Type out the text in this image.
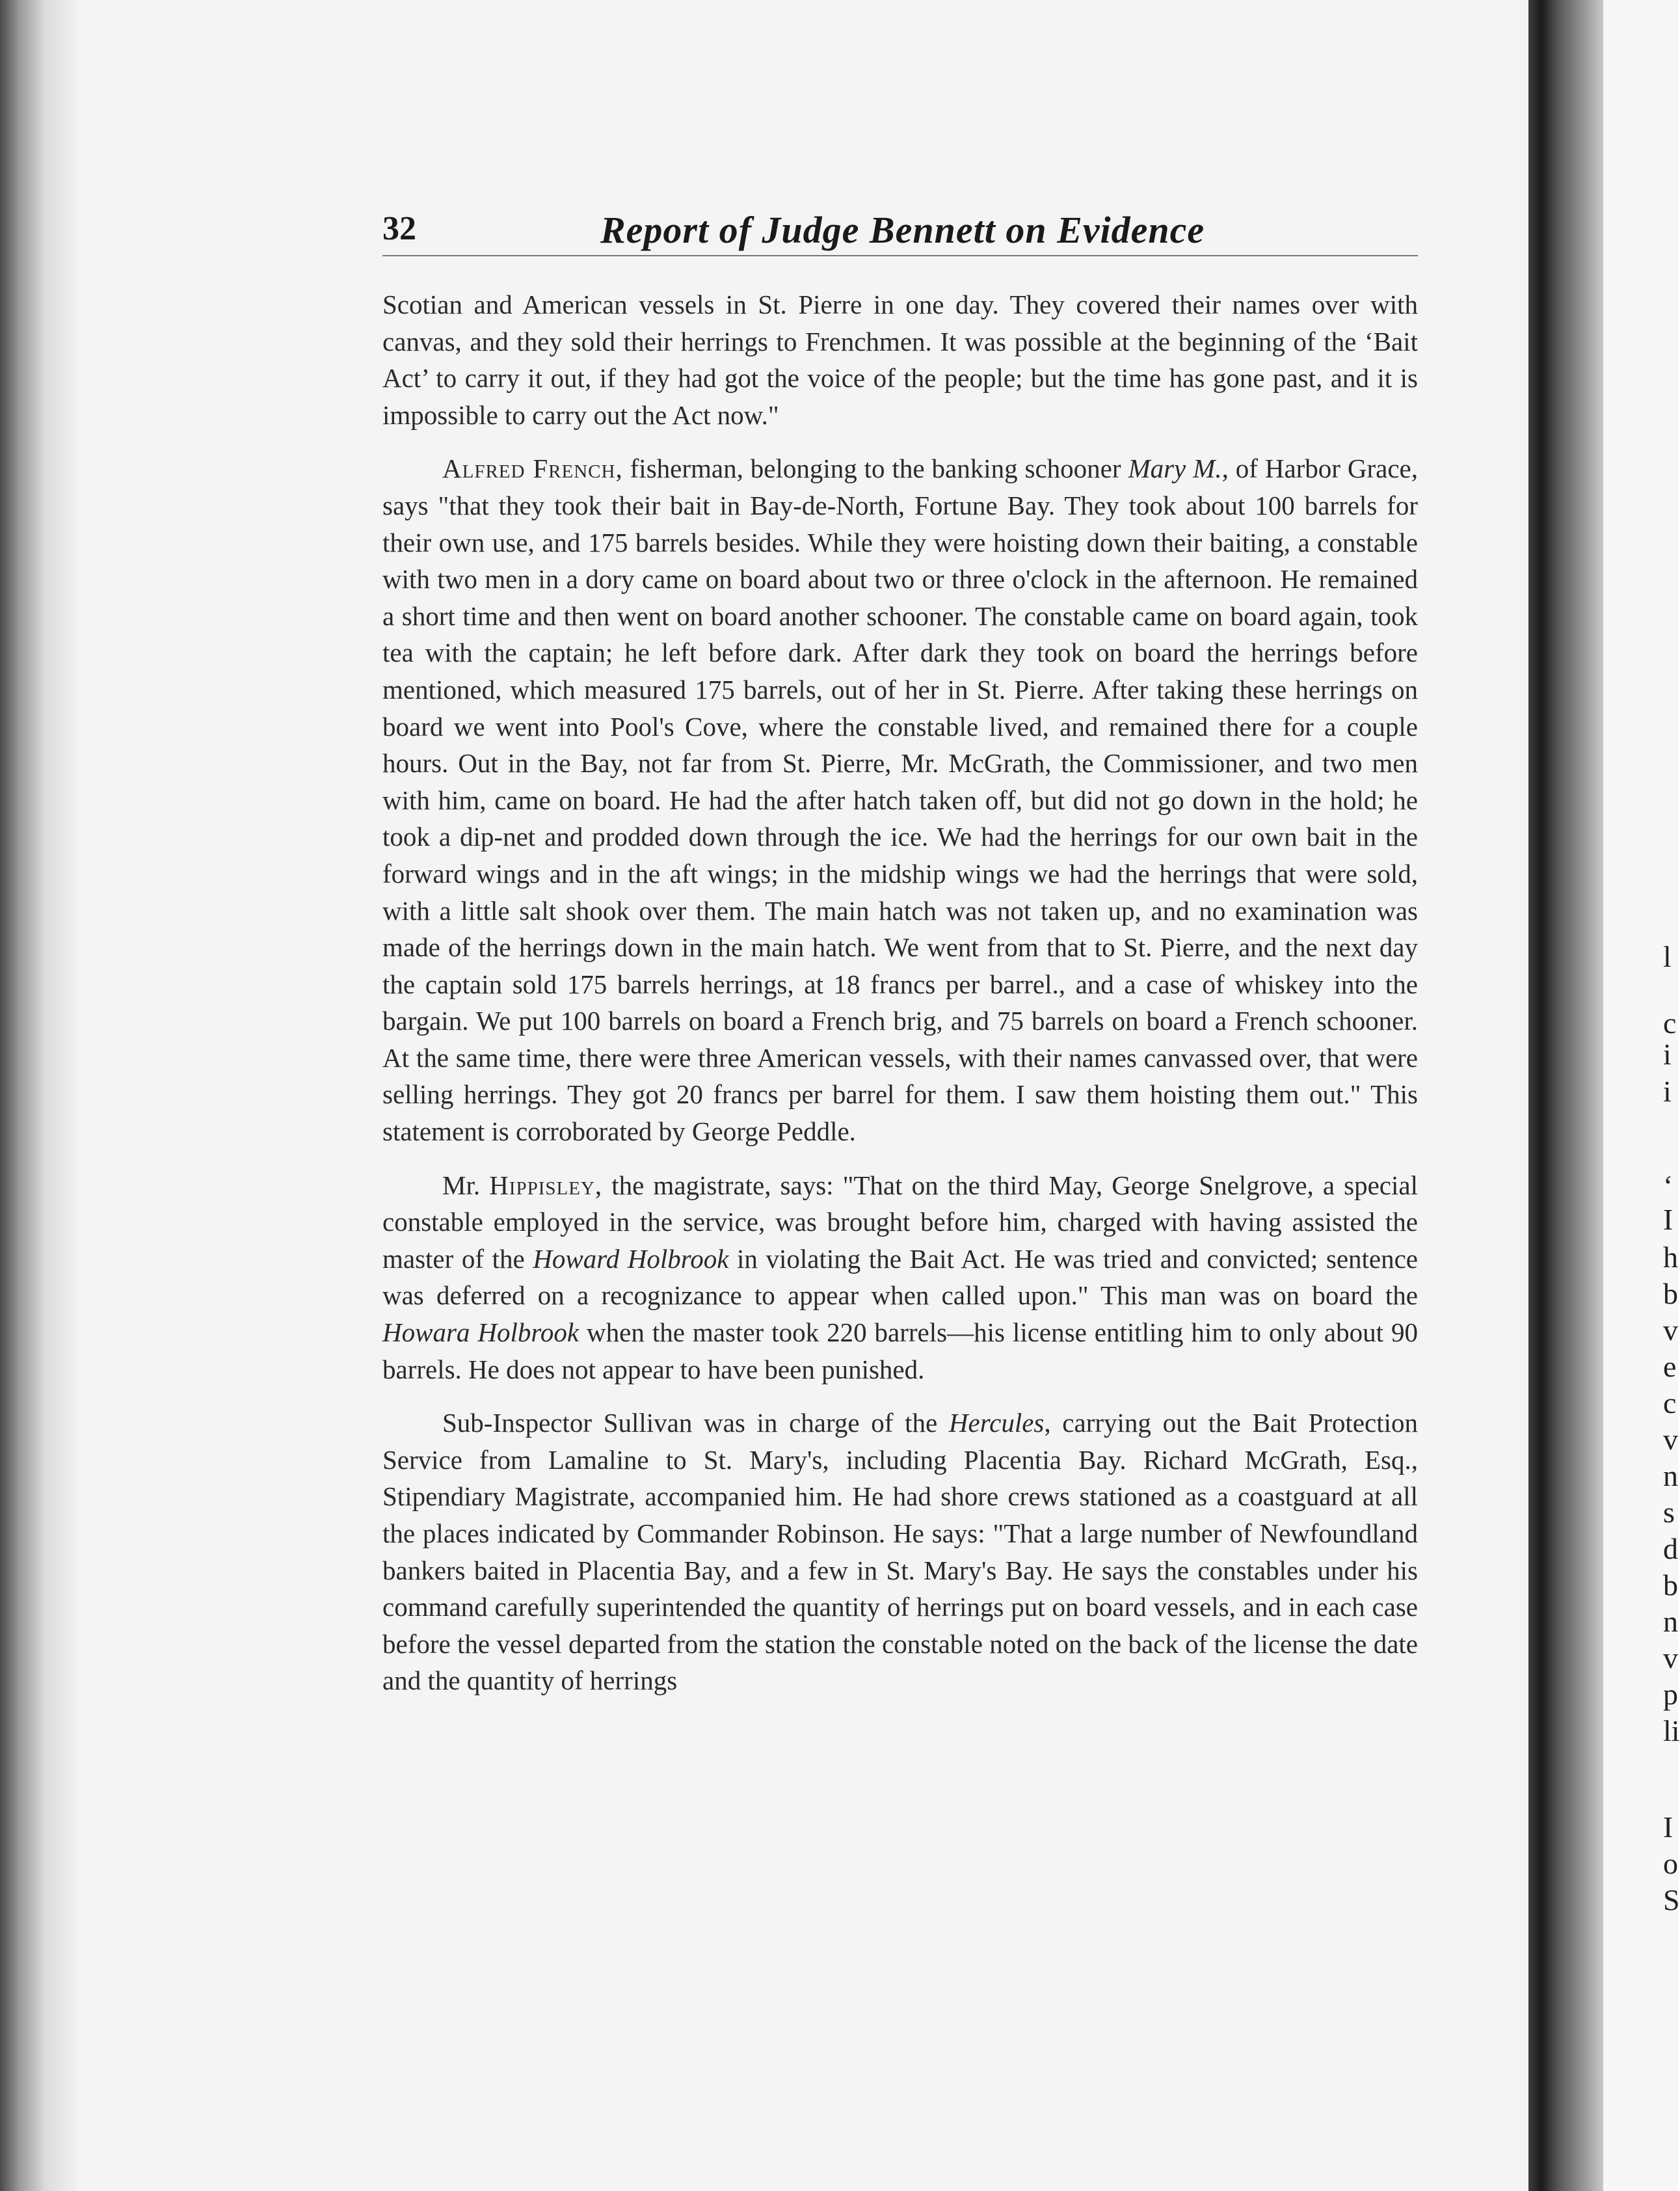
32	Report of Judge Bennett on Evidence

Scotian and American vessels in St. Pierre in one day. They covered their names over with canvas, and they sold their herrings to Frenchmen. It was possible at the beginning of the ‘Bait Act’ to carry it out, if they had got the voice of the people; but the time has gone past, and it is impossible to carry out the Act now."

Alfred French, fisherman, belonging to the banking schooner Mary M., of Harbor Grace, says "that they took their bait in Bay-de-North, Fortune Bay. They took about 100 barrels for their own use, and 175 barrels besides. While they were hoisting down their baiting, a constable with two men in a dory came on board about two or three o'clock in the afternoon. He remained a short time and then went on board another schooner. The constable came on board again, took tea with the captain; he left before dark. After dark they took on board the herrings before mentioned, which measured 175 barrels, out of her in St. Pierre. After taking these herrings on board we went into Pool's Cove, where the constable lived, and remained there for a couple hours. Out in the Bay, not far from St. Pierre, Mr. McGrath, the Commissioner, and two men with him, came on board. He had the after hatch taken off, but did not go down in the hold; he took a dip-net and prodded down through the ice. We had the herrings for our own bait in the forward wings and in the aft wings; in the midship wings we had the herrings that were sold, with a little salt shook over them. The main hatch was not taken up, and no examination was made of the herrings down in the main hatch. We went from that to St. Pierre, and the next day the captain sold 175 barrels herrings, at 18 francs per barrel., and a case of whiskey into the bargain. We put 100 barrels on board a French brig, and 75 barrels on board a French schooner. At the same time, there were three American vessels, with their names canvassed over, that were selling herrings. They got 20 francs per barrel for them. I saw them hoisting them out." This statement is corroborated by George Peddle.

Mr. Hippisley, the magistrate, says: "That on the third May, George Snelgrove, a special constable employed in the service, was brought before him, charged with having assisted the master of the Howard Holbrook in violating the Bait Act. He was tried and convicted; sentence was deferred on a recognizance to appear when called upon." This man was on board the Howara Holbrook when the master took 220 barrels—his license entitling him to only about 90 barrels. He does not appear to have been punished.

Sub-Inspector Sullivan was in charge of the Hercules, carrying out the Bait Protection Service from Lamaline to St. Mary's, including Placentia Bay. Richard McGrath, Esq., Stipendiary Magistrate, accompanied him. He had shore crews stationed as a coastguard at all the places indicated by Commander Robinson. He says: "That a large number of Newfoundland bankers baited in Placentia Bay, and a few in St. Mary's Bay. He says the constables under his command carefully superintended the quantity of herrings put on board vessels, and in each case before the vessel departed from the station the constable noted on the back of the license the date and the quantity of herrings

l
c
i
i
‘
I
h
b
v
e
c
v
n
s
d
b
n
v
p
li
I
o
S
